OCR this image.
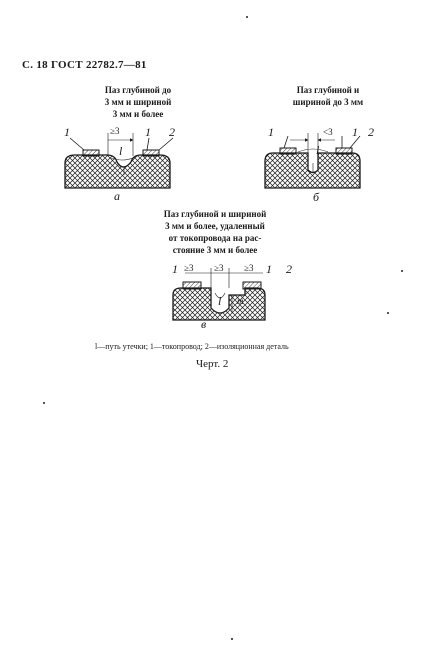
С. 18 ГОСТ 22782.7—81
Паз глубиной до
3 мм и шириной
3 мм и более
Паз глубиной и
шириной до 3 мм
1	2
1
≥3
l
а
1	1 2
<3
l
б
Паз глубиной и шириной
3 мм и более, удаленный
от токопровода на рас-
стояние 3 мм и более
1 ≥3 ≥3 ≥3 1 2
l m
в
l—путь утечки; 1—токопровод; 2—изоляционная деталь
Черт. 2
